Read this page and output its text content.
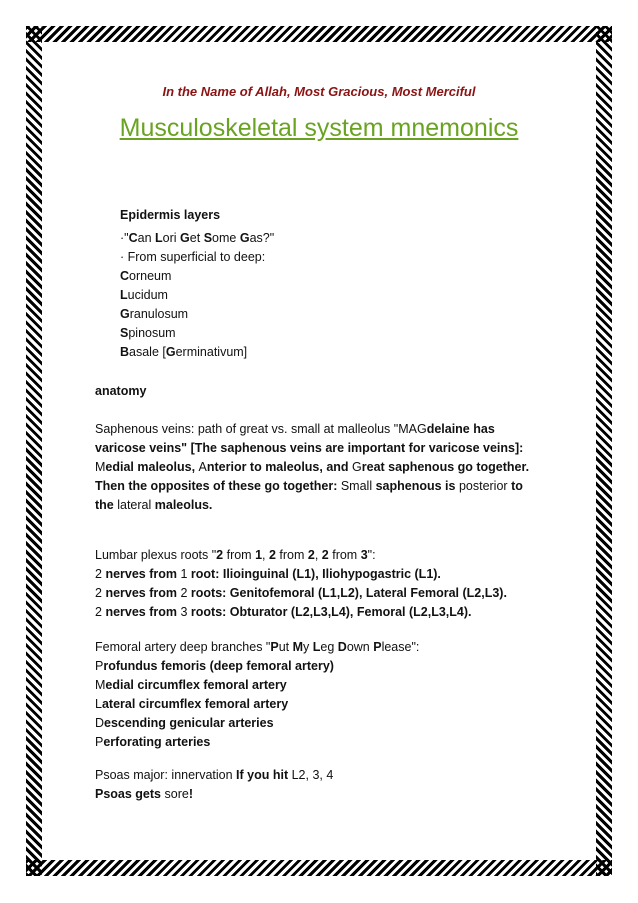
In the Name of Allah, Most Gracious, Most Merciful
Musculoskeletal system mnemonics

Epidermis layers

·"Can Lori Get Some Gas?"

· From superficial to deep:

Corneum

Lucidum

Granulosum

Spinosum

Basale [Germinativum]

anatomy

Saphenous veins: path of great vs. small at malleolus "MAGdelaine has

varicose veins" [The saphenous veins are important for varicose veins]:

Medial maleolus, Anterior to maleolus, and Great saphenous go together.

Then the opposites of these go together: Small saphenous is posterior to

the lateral maleolus.

Lumbar plexus roots "2 from 1, 2 from 2, 2 from 3":

2 nerves from 1 root: Ilioinguinal (L1), Iliohypogastric (L1).

2 nerves from 2 roots: Genitofemoral (L1,L2), Lateral Femoral (L2,L3).

2 nerves from 3 roots: Obturator (L2,L3,L4), Femoral (L2,L3,L4).

Femoral artery deep branches "Put My Leg Down Please":

Profundus femoris (deep femoral artery)

Medial circumflex femoral artery

Lateral circumflex femoral artery

Descending genicular arteries

Perforating arteries

Psoas major: innervation If you hit L2, 3, 4

Psoas gets sore!
